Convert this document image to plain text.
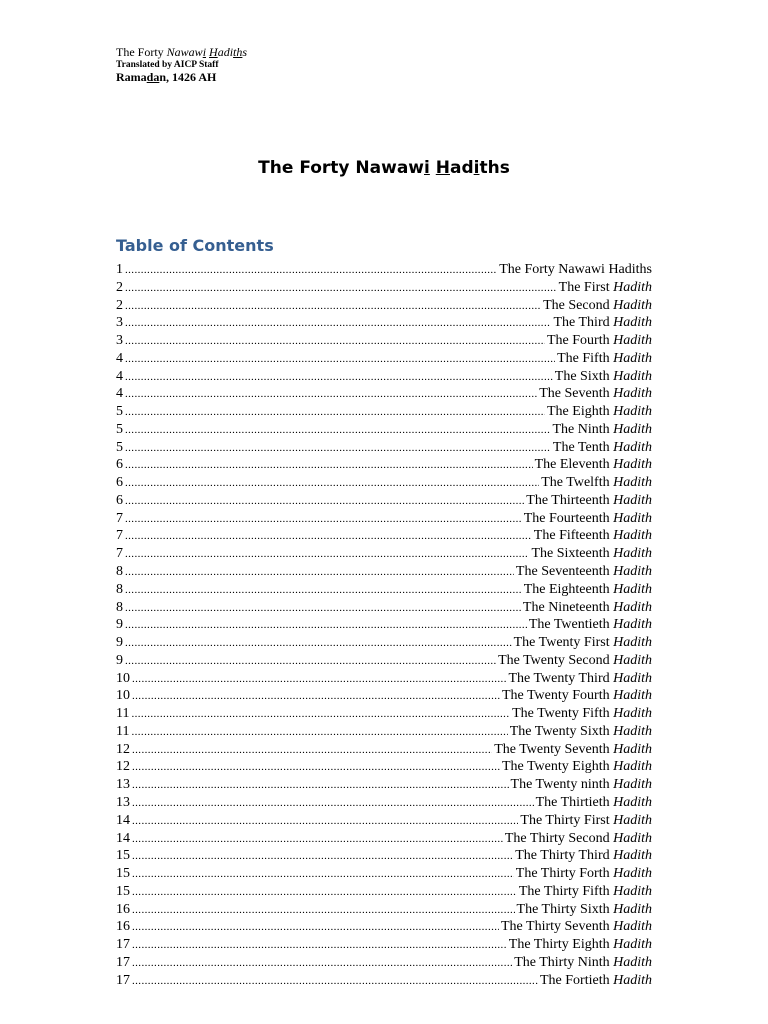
The Forty Nawawi Hadiths
Translated by AICP Staff
Ramadan, 1426 AH
The Forty Nawawi Hadiths
Table of Contents
1 .....	The Forty Nawawi Hadiths
2 .....	The First Hadith
2 .....	The Second Hadith
3 .....	The Third Hadith
3 .....	The Fourth Hadith
4 .....	The Fifth Hadith
4 .....	The Sixth Hadith
4 .....	The Seventh Hadith
5 .....	The Eighth Hadith
5 .....	The Ninth Hadith
5 .....	The Tenth Hadith
6 .....	The Eleventh Hadith
6 .....	The Twelfth Hadith
6 .....	The Thirteenth Hadith
7 .....	The Fourteenth Hadith
7 .....	The Fifteenth Hadith
7 .....	The Sixteenth Hadith
8 .....	The Seventeenth Hadith
8 .....	The Eighteenth Hadith
8 .....	The Nineteenth Hadith
9 .....	The Twentieth Hadith
9 .....	The Twenty First Hadith
9 .....	The Twenty Second Hadith
10 .....	The Twenty Third Hadith
10 .....	The Twenty Fourth Hadith
11 .....	The Twenty Fifth Hadith
11 .....	The Twenty Sixth Hadith
12 .....	The Twenty Seventh Hadith
12 .....	The Twenty Eighth Hadith
13 .....	The Twenty ninth Hadith
13 .....	The Thirtieth Hadith
14 .....	The Thirty First Hadith
14 .....	The Thirty Second Hadith
15 .....	The Thirty Third Hadith
15 .....	The Thirty Forth Hadith
15 .....	The Thirty Fifth Hadith
16 .....	The Thirty Sixth Hadith
16 .....	The Thirty Seventh Hadith
17 .....	The Thirty Eighth Hadith
17 .....	The Thirty Ninth Hadith
17 .....	The Fortieth Hadith
